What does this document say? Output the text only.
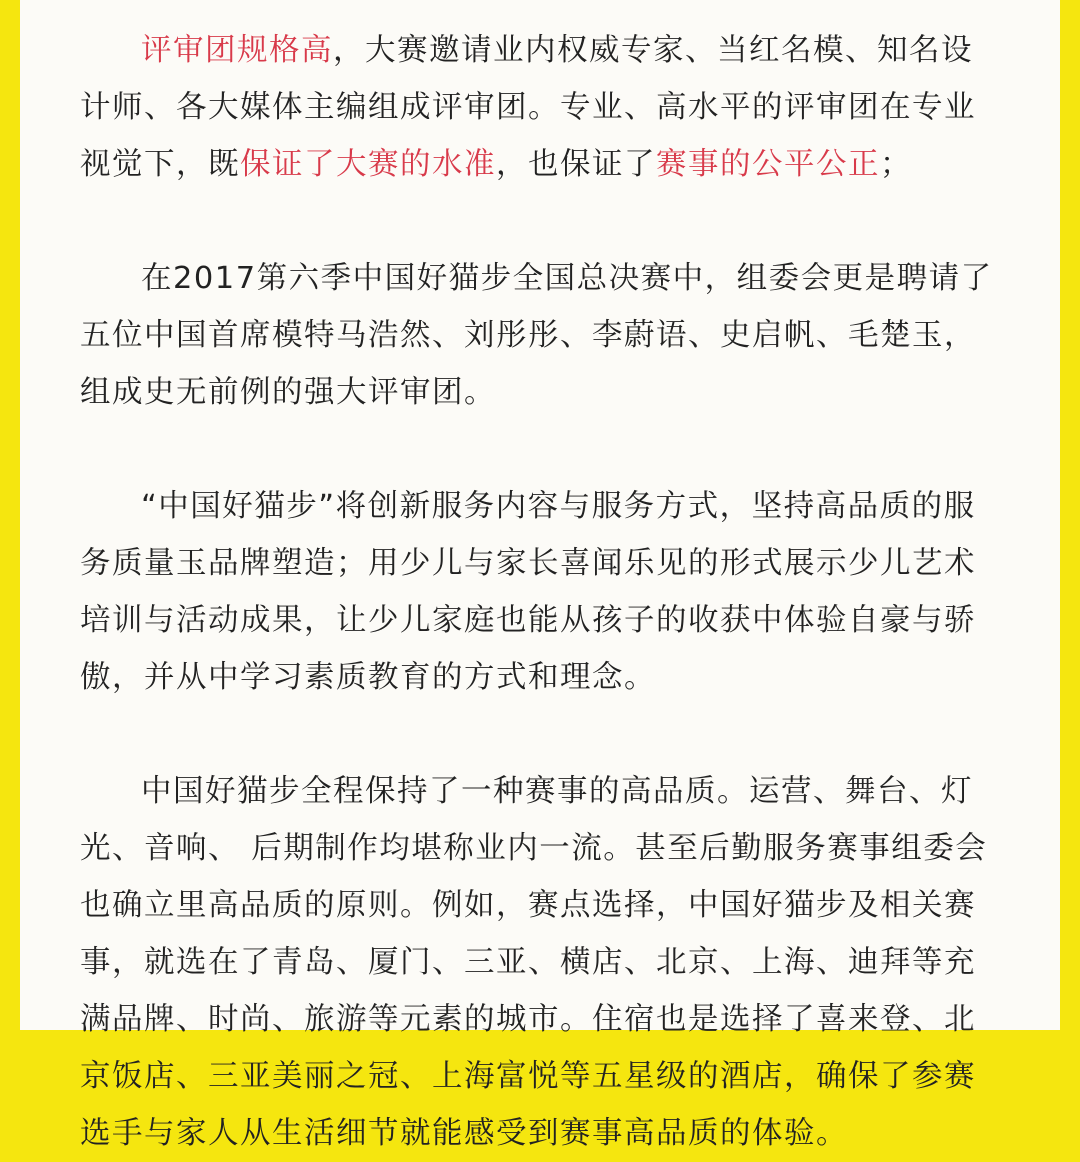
评审团规格高，大赛邀请业内权威专家、当红名模、知名设计师、各大媒体主编组成评审团。专业、高水平的评审团在专业视觉下，既保证了大赛的水准，也保证了赛事的公平公正；

在2017第六季中国好猫步全国总决赛中，组委会更是聘请了五位中国首席模特马浩然、刘彤彤、李蔚语、史启帆、毛楚玉，组成史无前例的强大评审团。

“中国好猫步”将创新服务内容与服务方式，坚持高品质的服务质量玉品牌塑造；用少儿与家长喜闻乐见的形式展示少儿艺术培训与活动成果，让少儿家庭也能从孩子的收获中体验自豪与骄傲，并从中学习素质教育的方式和理念。

中国好猫步全程保持了一种赛事的高品质。运营、舞台、灯光、音响、 后期制作均堪称业内一流。甚至后勤服务赛事组委会也确立里高品质的原则。例如，赛点选择，中国好猫步及相关赛事，就选在了青岛、厦门、三亚、横店、北京、上海、迪拜等充满品牌、时尚、旅游等元素的城市。住宿也是选择了喜来登、北京饭店、三亚美丽之冠、上海富悦等五星级的酒店，确保了参赛选手与家人从生活细节就能感受到赛事高品质的体验。
